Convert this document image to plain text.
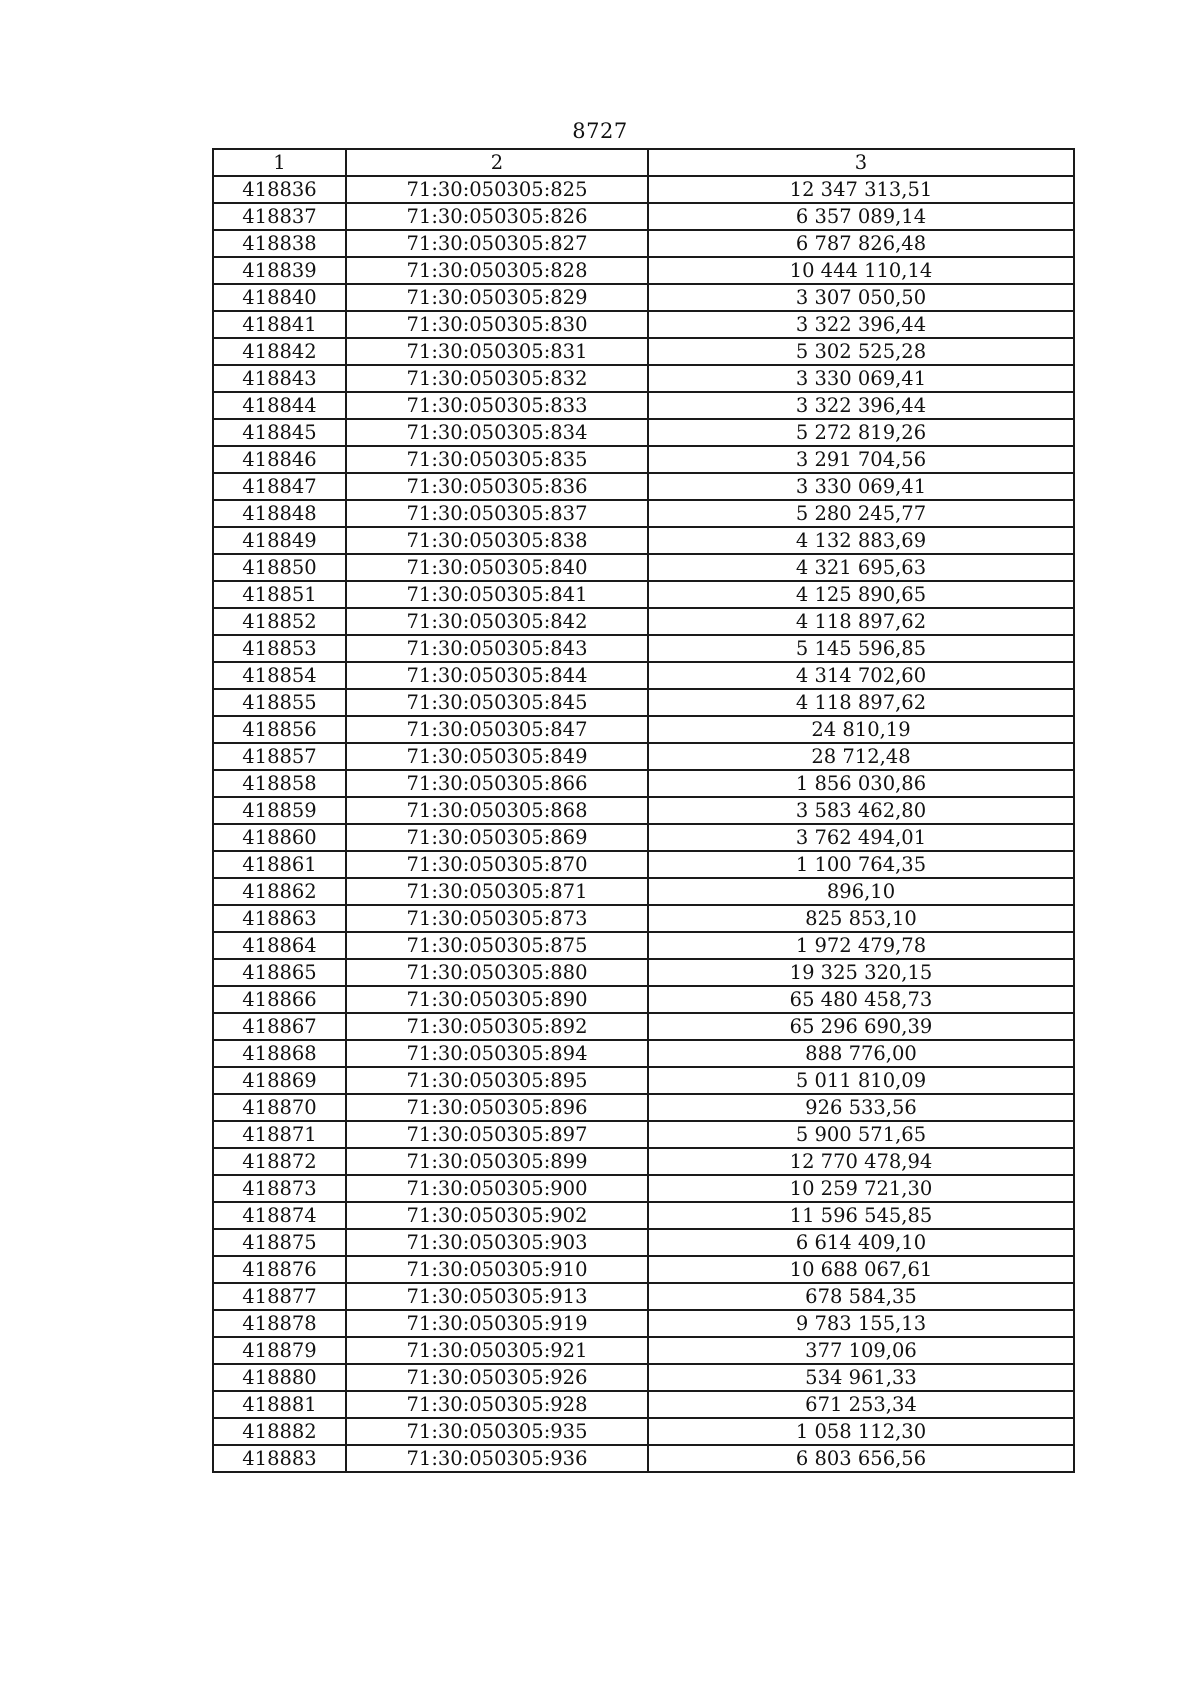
8727
1	2	3
418836	71:30:050305:825	12 347 313,51
418837	71:30:050305:826	6 357 089,14
418838	71:30:050305:827	6 787 826,48
418839	71:30:050305:828	10 444 110,14
418840	71:30:050305:829	3 307 050,50
418841	71:30:050305:830	3 322 396,44
418842	71:30:050305:831	5 302 525,28
418843	71:30:050305:832	3 330 069,41
418844	71:30:050305:833	3 322 396,44
418845	71:30:050305:834	5 272 819,26
418846	71:30:050305:835	3 291 704,56
418847	71:30:050305:836	3 330 069,41
418848	71:30:050305:837	5 280 245,77
418849	71:30:050305:838	4 132 883,69
418850	71:30:050305:840	4 321 695,63
418851	71:30:050305:841	4 125 890,65
418852	71:30:050305:842	4 118 897,62
418853	71:30:050305:843	5 145 596,85
418854	71:30:050305:844	4 314 702,60
418855	71:30:050305:845	4 118 897,62
418856	71:30:050305:847	24 810,19
418857	71:30:050305:849	28 712,48
418858	71:30:050305:866	1 856 030,86
418859	71:30:050305:868	3 583 462,80
418860	71:30:050305:869	3 762 494,01
418861	71:30:050305:870	1 100 764,35
418862	71:30:050305:871	896,10
418863	71:30:050305:873	825 853,10
418864	71:30:050305:875	1 972 479,78
418865	71:30:050305:880	19 325 320,15
418866	71:30:050305:890	65 480 458,73
418867	71:30:050305:892	65 296 690,39
418868	71:30:050305:894	888 776,00
418869	71:30:050305:895	5 011 810,09
418870	71:30:050305:896	926 533,56
418871	71:30:050305:897	5 900 571,65
418872	71:30:050305:899	12 770 478,94
418873	71:30:050305:900	10 259 721,30
418874	71:30:050305:902	11 596 545,85
418875	71:30:050305:903	6 614 409,10
418876	71:30:050305:910	10 688 067,61
418877	71:30:050305:913	678 584,35
418878	71:30:050305:919	9 783 155,13
418879	71:30:050305:921	377 109,06
418880	71:30:050305:926	534 961,33
418881	71:30:050305:928	671 253,34
418882	71:30:050305:935	1 058 112,30
418883	71:30:050305:936	6 803 656,56
